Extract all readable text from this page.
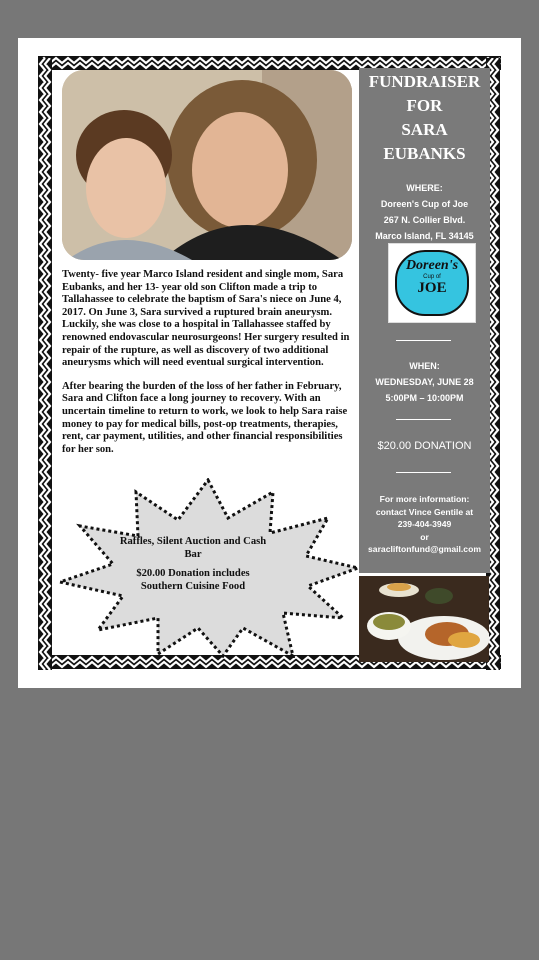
Twenty- five year Marco Island resident and single mom, Sara Eubanks, and her 13- year old son Clifton made a trip to Tallahassee to celebrate the baptism of Sara's niece on June 4, 2017. On June 3, Sara survived a ruptured brain aneurysm. Luckily, she was close to a hospital in Tallahassee staffed by renowned endovascular neurosurgeons! Her surgery resulted in repair of the rupture, as well as discovery of two additional aneurysms which will need eventual surgical intervention.

After bearing the burden of the loss of her father in February, Sara and Clifton face a long journey to recovery. With an uncertain timeline to return to work, we look to help Sara raise money to pay for medical bills, post-op treatments, therapies, rent, car payment, utilities, and other financial responsibilities for her son.

Raffles, Silent Auction and Cash Bar
$20.00 Donation includes Southern Cuisine Food
FUNDRAISER
FOR
SARA
EUBANKS
WHERE:
Doreen's Cup of Joe
267 N. Collier Blvd.
Marco Island, FL 34145
Doreen's
Cup of
JOE
WHEN:
WEDNESDAY, JUNE 28
5:00PM – 10:00PM
$20.00 DONATION
For more information:
contact Vince Gentile at
239-404-3949
or
saracliftonfund@gmail.com
